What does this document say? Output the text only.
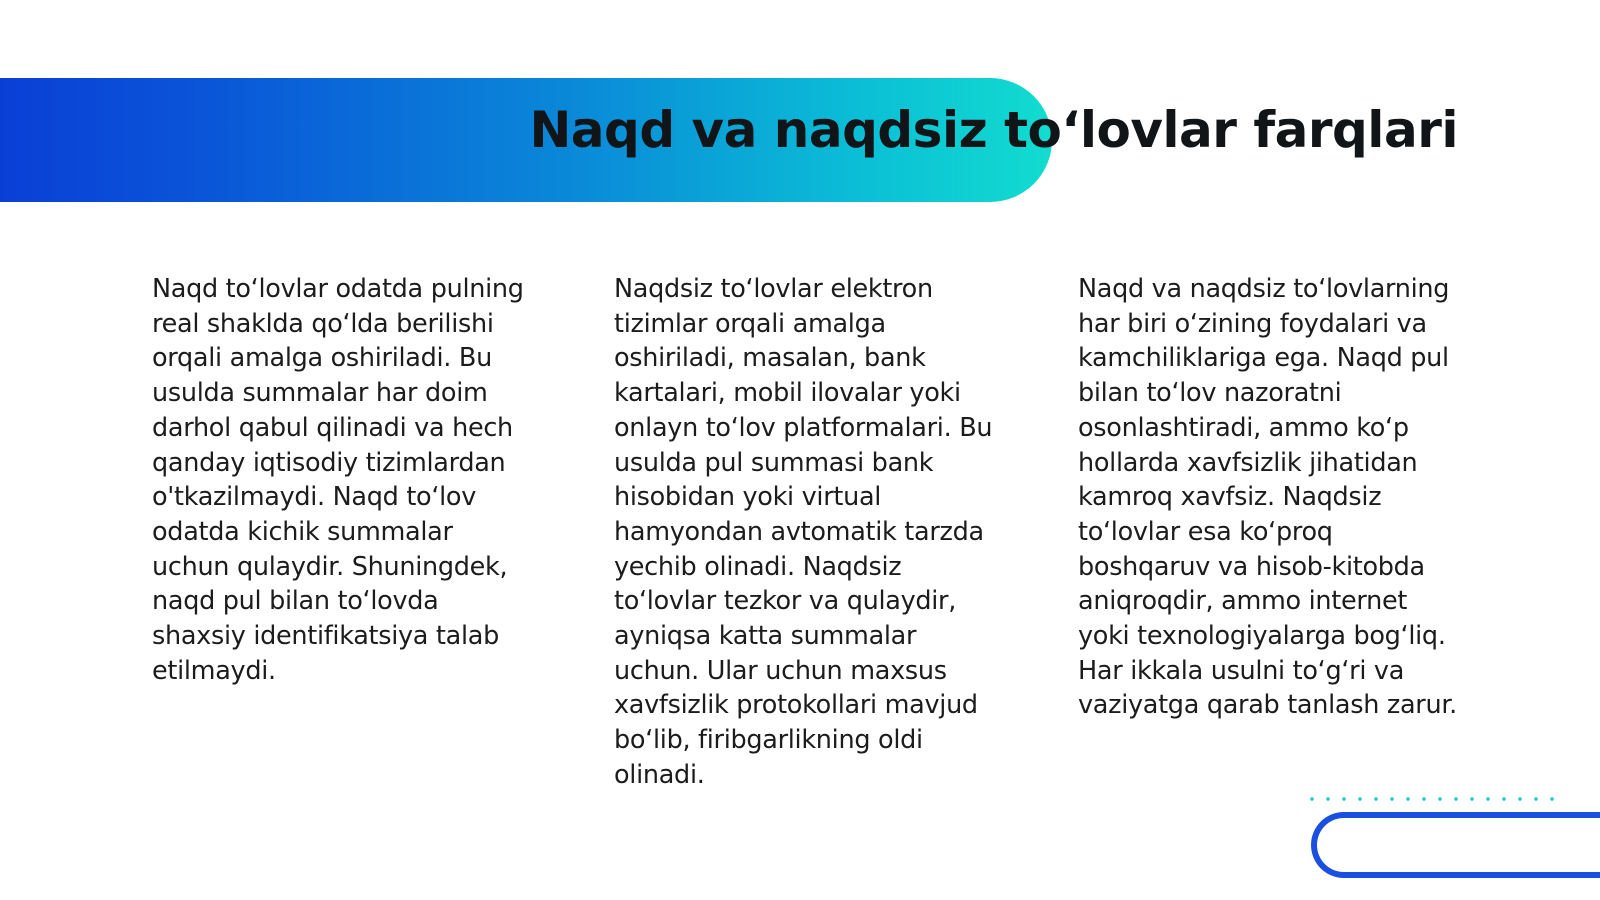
Naqd va naqdsiz to‘lovlar farqlari

Naqd to‘lovlar odatda pulning real shaklda qo‘lda berilishi orqali amalga oshiriladi. Bu usulda summalar har doim darhol qabul qilinadi va hech qanday iqtisodiy tizimlardan o'tkazilmaydi. Naqd to‘lov odatda kichik summalar uchun qulaydir. Shuningdek, naqd pul bilan to‘lovda shaxsiy identifikatsiya talab etilmaydi.

Naqdsiz to‘lovlar elektron tizimlar orqali amalga oshiriladi, masalan, bank kartalari, mobil ilovalar yoki onlayn to‘lov platformalari. Bu usulda pul summasi bank hisobidan yoki virtual hamyondan avtomatik tarzda yechib olinadi. Naqdsiz to‘lovlar tezkor va qulaydir, ayniqsa katta summalar uchun. Ular uchun maxsus xavfsizlik protokollari mavjud bo‘lib, firibgarlikning oldi olinadi.

Naqd va naqdsiz to‘lovlarning har biri o‘zining foydalari va kamchiliklariga ega. Naqd pul bilan to‘lov nazoratni osonlashtiradi, ammo ko‘p hollarda xavfsizlik jihatidan kamroq xavfsiz. Naqdsiz to‘lovlar esa ko‘proq boshqaruv va hisob-kitobda aniqroqdir, ammo internet yoki texnologiyalarga bog‘liq. Har ikkala usulni to‘g‘ri va vaziyatga qarab tanlash zarur.
